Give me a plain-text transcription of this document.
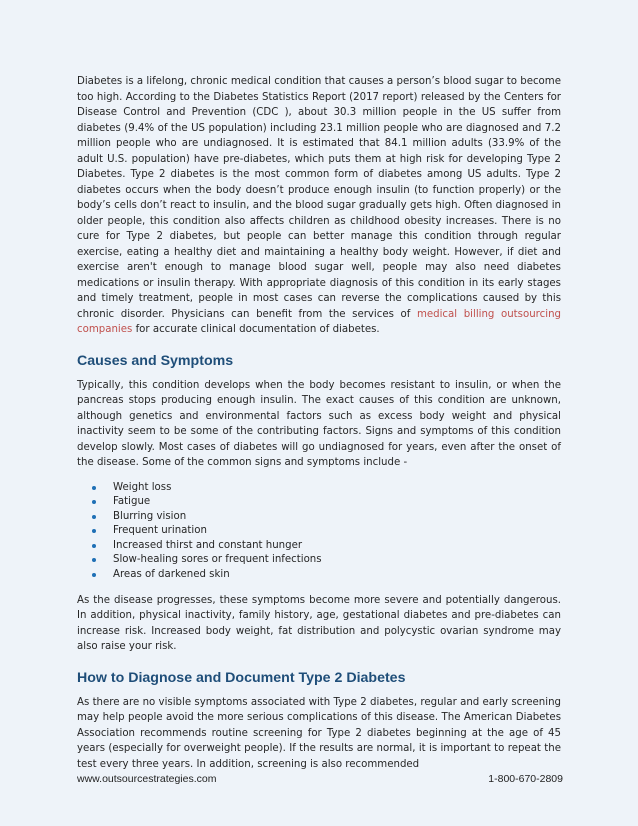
Diabetes is a lifelong, chronic medical condition that causes a person’s blood sugar to become too high. According to the Diabetes Statistics Report (2017 report) released by the Centers for Disease Control and Prevention (CDC ), about 30.3 million people in the US suffer from diabetes (9.4% of the US population) including 23.1 million people who are diagnosed and 7.2 million people who are undiagnosed. It is estimated that 84.1 million adults (33.9% of the adult U.S. population) have pre-diabetes, which puts them at high risk for developing Type 2 Diabetes. Type 2 diabetes is the most common form of diabetes among US adults. Type 2 diabetes occurs when the body doesn’t produce enough insulin (to function properly) or the body’s cells don’t react to insulin, and the blood sugar gradually gets high. Often diagnosed in older people, this condition also affects children as childhood obesity increases. There is no cure for Type 2 diabetes, but people can better manage this condition through regular exercise, eating a healthy diet and maintaining a healthy body weight. However, if diet and exercise aren't enough to manage blood sugar well, people may also need diabetes medications or insulin therapy. With appropriate diagnosis of this condition in its early stages and timely treatment, people in most cases can reverse the complications caused by this chronic disorder. Physicians can benefit from the services of medical billing outsourcing companies for accurate clinical documentation of diabetes.

Causes and Symptoms

Typically, this condition develops when the body becomes resistant to insulin, or when the pancreas stops producing enough insulin. The exact causes of this condition are unknown, although genetics and environmental factors such as excess body weight and physical inactivity seem to be some of the contributing factors. Signs and symptoms of this condition develop slowly. Most cases of diabetes will go undiagnosed for years, even after the onset of the disease. Some of the common signs and symptoms include -

Weight loss
Fatigue
Blurring vision
Frequent urination
Increased thirst and constant hunger
Slow-healing sores or frequent infections
Areas of darkened skin

As the disease progresses, these symptoms become more severe and potentially dangerous. In addition, physical inactivity, family history, age, gestational diabetes and pre-diabetes can increase risk. Increased body weight, fat distribution and polycystic ovarian syndrome may also raise your risk.

How to Diagnose and Document Type 2 Diabetes

As there are no visible symptoms associated with Type 2 diabetes, regular and early screening may help people avoid the more serious complications of this disease. The American Diabetes Association recommends routine screening for Type 2 diabetes beginning at the age of 45 years (especially for overweight people). If the results are normal, it is important to repeat the test every three years. In addition, screening is also recommended

www.outsourcestrategies.com	1-800-670-2809
